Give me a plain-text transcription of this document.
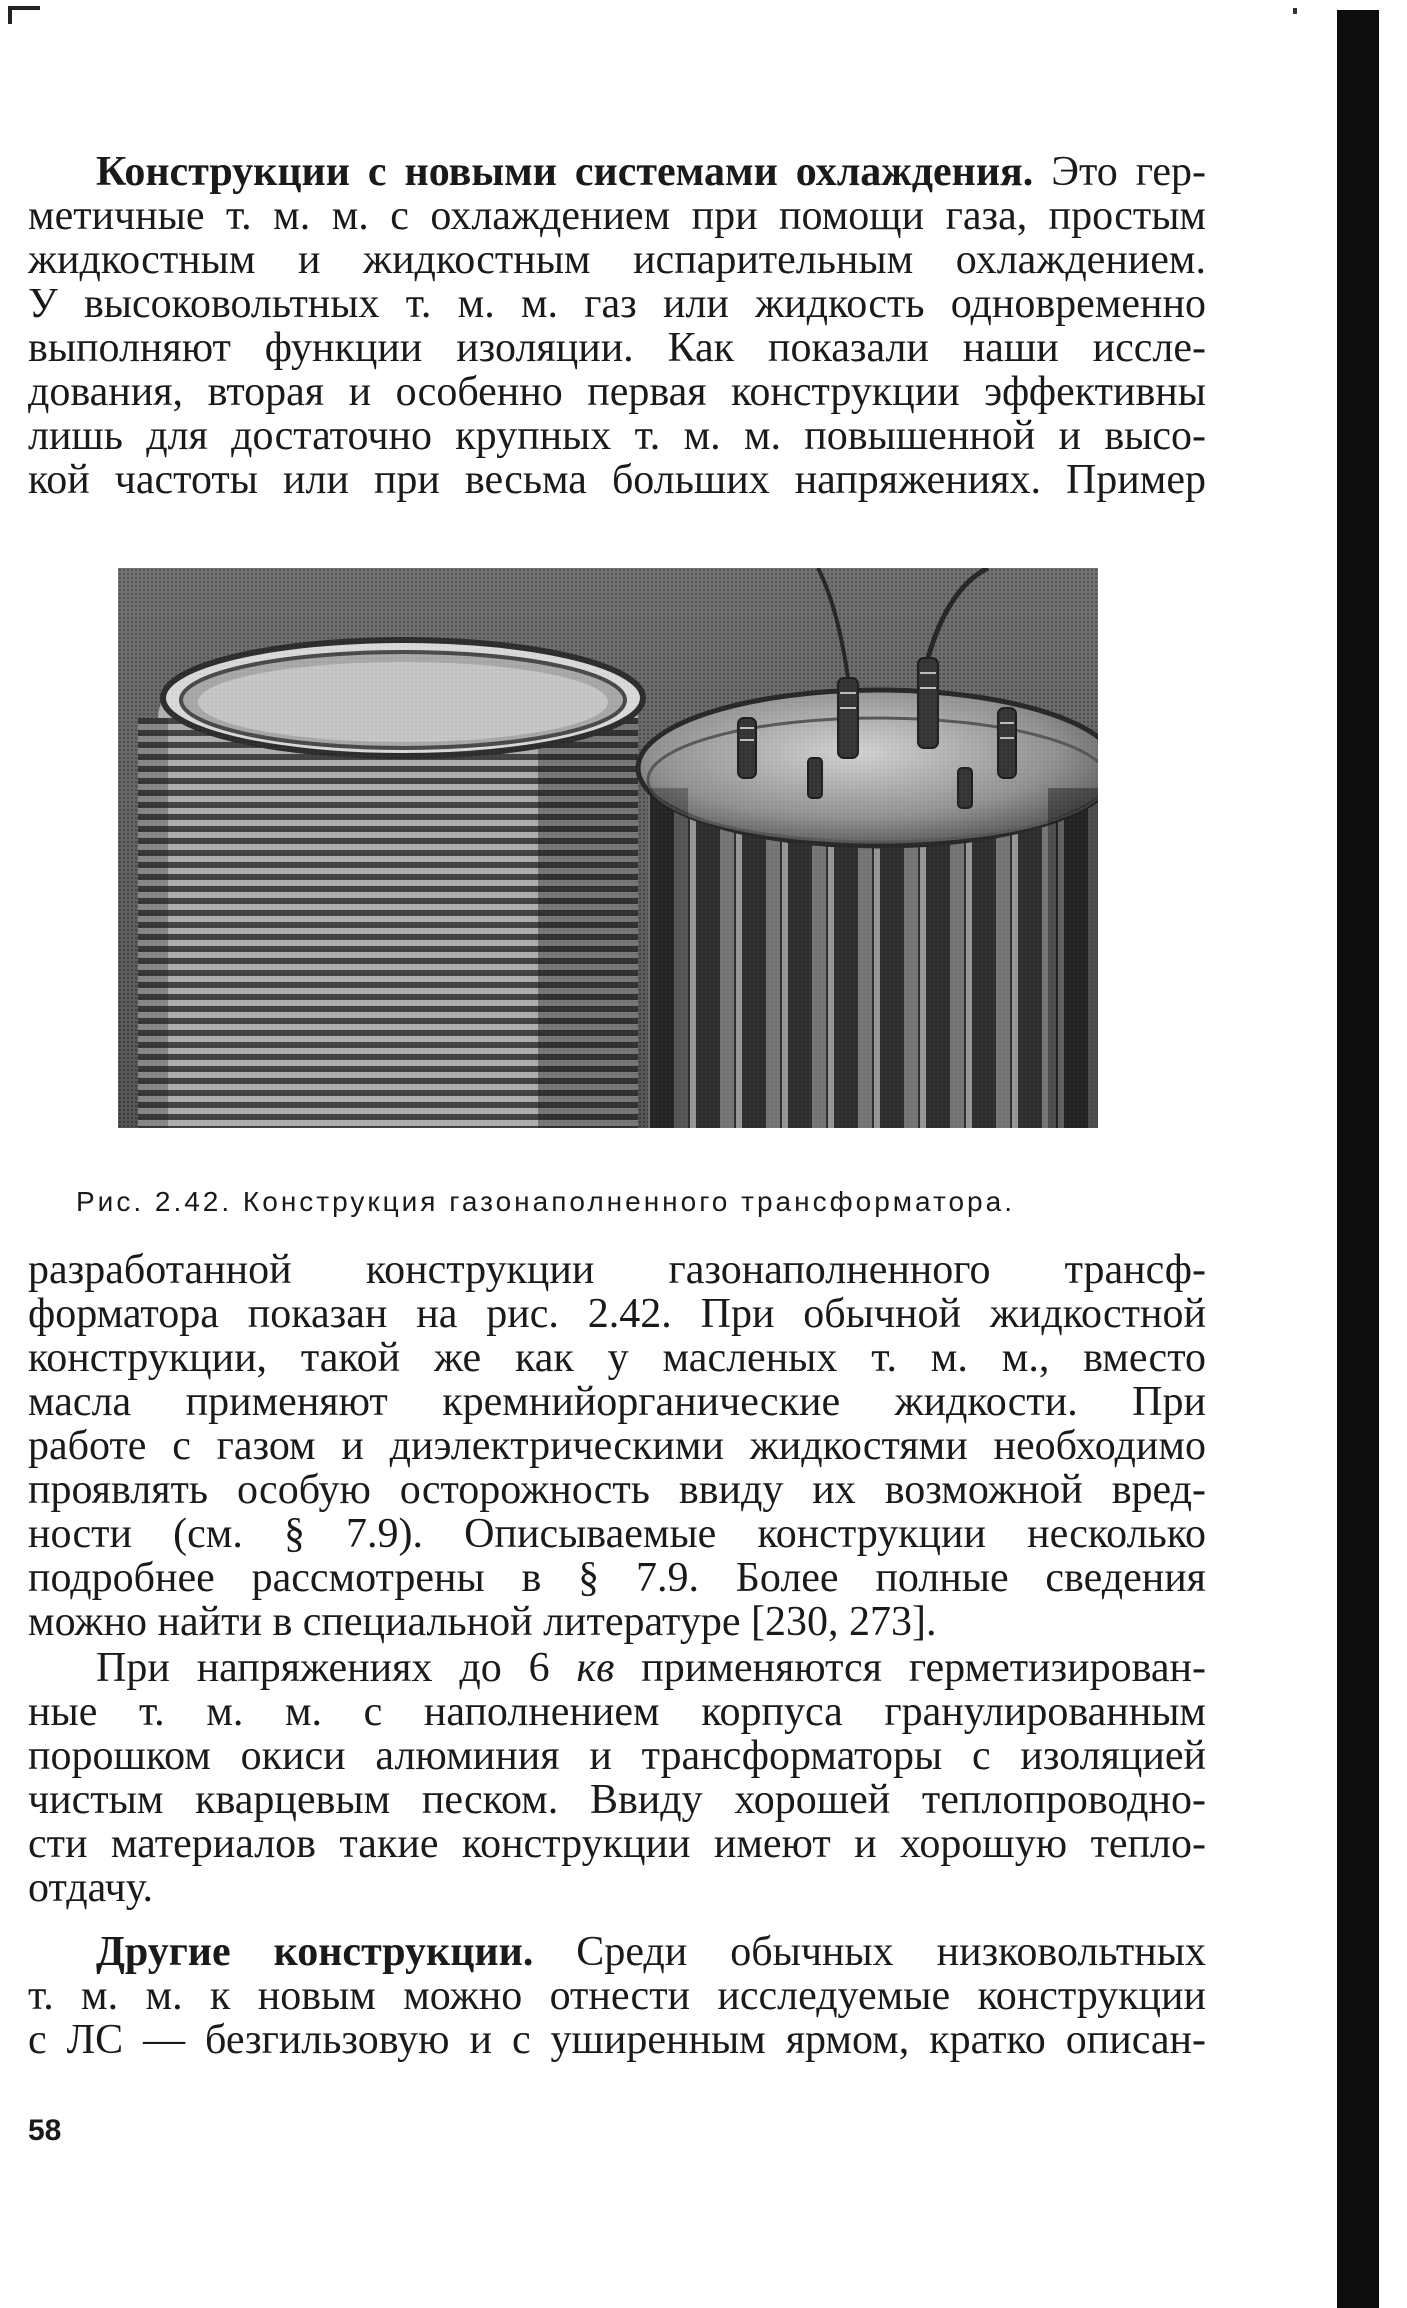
Конструкции с новыми системами охлаждения. Это гер-
метичные т. м. м. с охлаждением при помощи газа, простым
жидкостным и жидкостным испарительным охлаждением.
У высоковольтных т. м. м. газ или жидкость одновременно
выполняют функции изоляции. Как показали наши иссле-
дования, вторая и особенно первая конструкции эффективны
лишь для достаточно крупных т. м. м. повышенной и высо-
кой частоты или при весьма больших напряжениях. Пример
Рис. 2.42. Конструкция газонаполненного трансформатора.
разработанной конструкции газонаполненного трансф-
форматора показан на рис. 2.42. При обычной жидкостной
конструкции, такой же как у масленых т. м. м., вместо
масла применяют кремнийорганические жидкости. При
работе с газом и диэлектрическими жидкостями необходимо
проявлять особую осторожность ввиду их возможной вред-
ности (см. § 7.9). Описываемые конструкции несколько
подробнее рассмотрены в § 7.9. Более полные сведения
можно найти в специальной литературе [230, 273].
При напряжениях до 6 кв применяются герметизирован-
ные т. м. м. с наполнением корпуса гранулированным
порошком окиси алюминия и трансформаторы с изоляцией
чистым кварцевым песком. Ввиду хорошей теплопроводно-
сти материалов такие конструкции имеют и хорошую тепло-
отдачу.
Другие конструкции. Среди обычных низковольтных
т. м. м. к новым можно отнести исследуемые конструкции
с ЛС — безгильзовую и с уширенным ярмом, кратко описан-
58
